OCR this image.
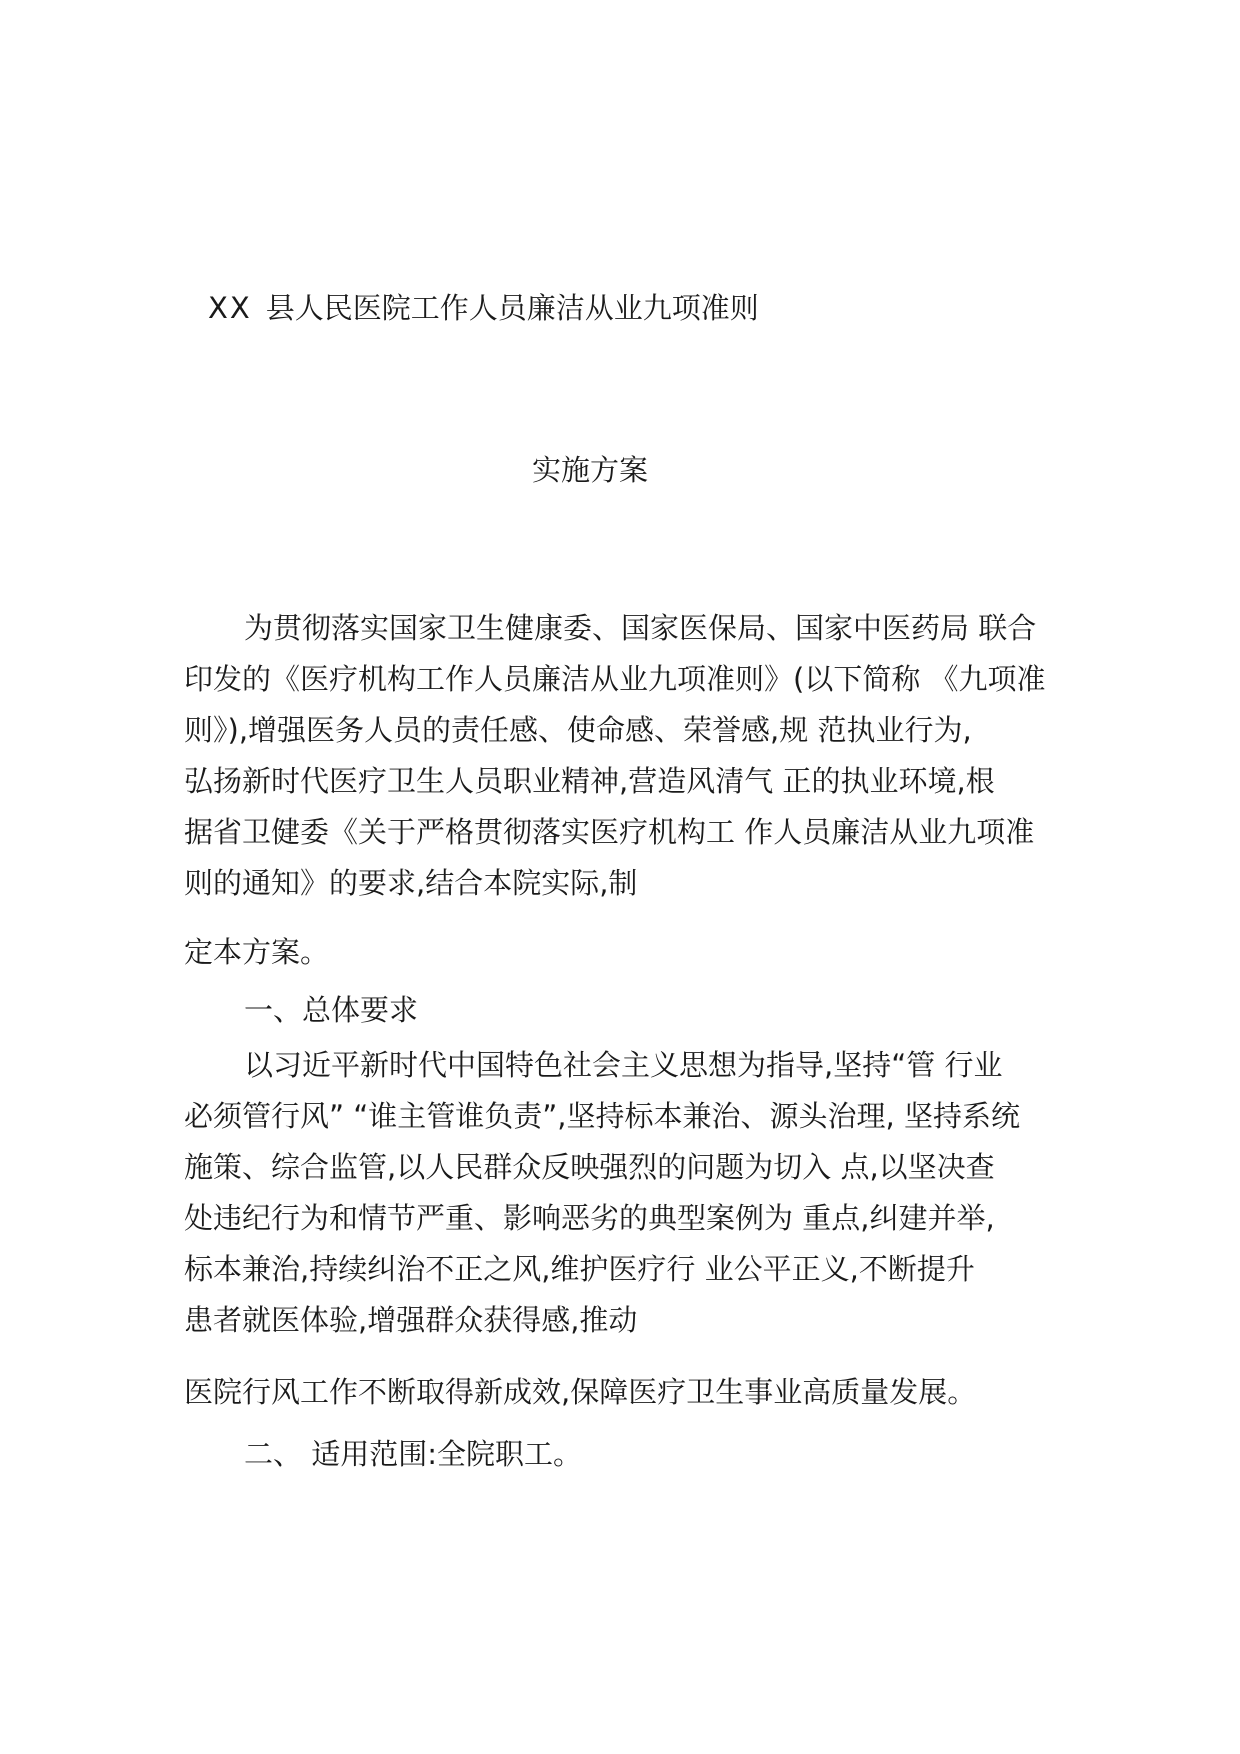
XX 县人民医院工作人员廉洁从业九项准则
实施方案
为贯彻落实国家卫生健康委、国家医保局、国家中医药局 联合
印发的《医疗机构工作人员廉洁从业九项准则》(以下简称 《九项准
则》),增强医务人员的责任感、使命感、荣誉感,规 范执业行为,
弘扬新时代医疗卫生人员职业精神,营造风清气 正的执业环境,根
据省卫健委《关于严格贯彻落实医疗机构工 作人员廉洁从业九项准
则的通知》的要求,结合本院实际,制
定本方案。
一、总体要求
以习近平新时代中国特色社会主义思想为指导,坚持“管 行业
必须管行风” “谁主管谁负责”,坚持标本兼治、源头治理, 坚持系统
施策、综合监管,以人民群众反映强烈的问题为切入 点,以坚决查
处违纪行为和情节严重、影响恶劣的典型案例为 重点,纠建并举,
标本兼治,持续纠治不正之风,维护医疗行 业公平正义,不断提升
患者就医体验,增强群众获得感,推动
医院行风工作不断取得新成效,保障医疗卫生事业高质量发展。
二、 适用范围:全院职工。
